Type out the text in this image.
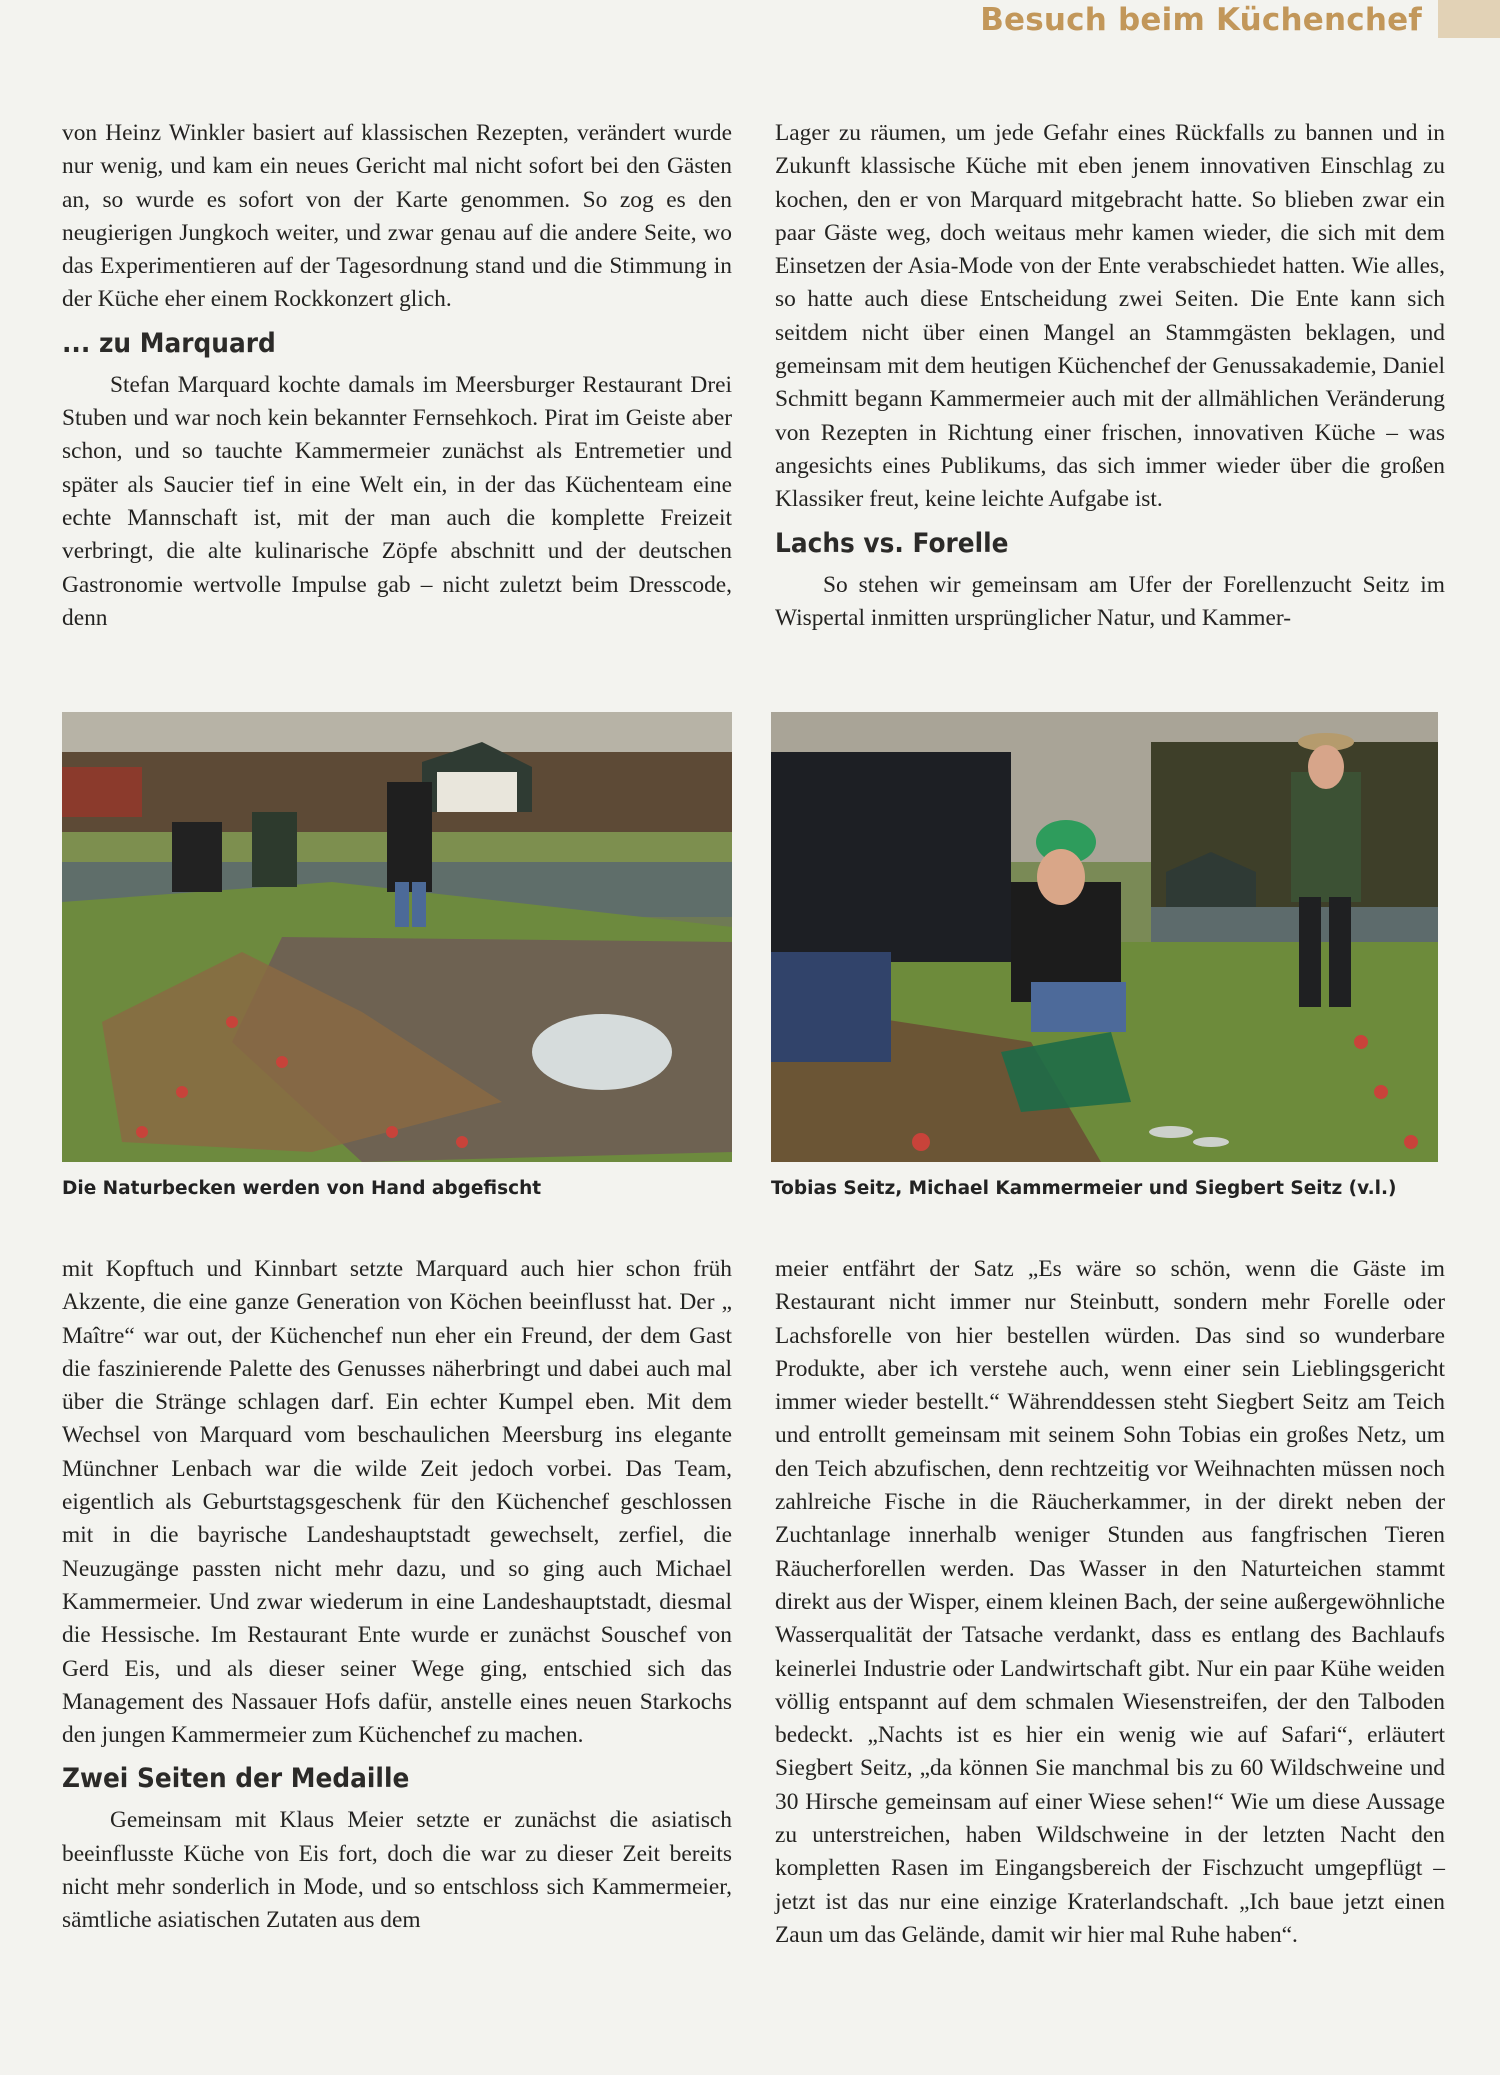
Besuch beim Küchenchef

von Heinz Winkler basiert auf klassischen Rezepten, verändert wurde nur wenig, und kam ein neues Gericht mal nicht sofort bei den Gästen an, so wurde es sofort von der Karte genommen. So zog es den neugierigen Jungkoch weiter, und zwar genau auf die andere Seite, wo das Experimentieren auf der Tagesordnung stand und die Stimmung in der Küche eher einem Rockkonzert glich.

... zu Marquard

Stefan Marquard kochte damals im Meersburger Restaurant Drei Stuben und war noch kein bekannter Fernsehkoch. Pirat im Geiste aber schon, und so tauchte Kammermeier zunächst als Entremetier und später als Saucier tief in eine Welt ein, in der das Küchenteam eine echte Mannschaft ist, mit der man auch die komplette Freizeit verbringt, die alte kulinarische Zöpfe abschnitt und der deutschen Gastronomie wertvolle Impulse gab – nicht zuletzt beim Dresscode, denn

Lager zu räumen, um jede Gefahr eines Rückfalls zu bannen und in Zukunft klassische Küche mit eben jenem innovativen Einschlag zu kochen, den er von Marquard mitgebracht hatte. So blieben zwar ein paar Gäste weg, doch weitaus mehr kamen wieder, die sich mit dem Einsetzen der Asia-Mode von der Ente verabschiedet hatten. Wie alles, so hatte auch diese Entscheidung zwei Seiten. Die Ente kann sich seitdem nicht über einen Mangel an Stammgästen beklagen, und gemeinsam mit dem heutigen Küchenchef der Genussakademie, Daniel Schmitt begann Kammermeier auch mit der allmählichen Veränderung von Rezepten in Richtung einer frischen, innovativen Küche – was angesichts eines Publikums, das sich immer wieder über die großen Klassiker freut, keine leichte Aufgabe ist.

Lachs vs. Forelle

So stehen wir gemeinsam am Ufer der Forellenzucht Seitz im Wispertal inmitten ursprünglicher Natur, und Kammer-

Die Naturbecken werden von Hand abgefischt	Tobias Seitz, Michael Kammermeier und Siegbert Seitz (v.l.)

mit Kopftuch und Kinnbart setzte Marquard auch hier schon früh Akzente, die eine ganze Generation von Köchen beeinflusst hat. Der „ Maître“ war out, der Küchenchef nun eher ein Freund, der dem Gast die faszinierende Palette des Genusses näherbringt und dabei auch mal über die Stränge schlagen darf. Ein echter Kumpel eben. Mit dem Wechsel von Marquard vom beschaulichen Meersburg ins elegante Münchner Lenbach war die wilde Zeit jedoch vorbei. Das Team, eigentlich als Geburtstagsgeschenk für den Küchenchef geschlossen mit in die bayrische Landeshauptstadt gewechselt, zerfiel, die Neuzugänge passten nicht mehr dazu, und so ging auch Michael Kammermeier. Und zwar wiederum in eine Landeshauptstadt, diesmal die Hessische. Im Restaurant Ente wurde er zunächst Souschef von Gerd Eis, und als dieser seiner Wege ging, entschied sich das Management des Nassauer Hofs dafür, anstelle eines neuen Starkochs den jungen Kammermeier zum Küchenchef zu machen.

Zwei Seiten der Medaille

Gemeinsam mit Klaus Meier setzte er zunächst die asiatisch beeinflusste Küche von Eis fort, doch die war zu dieser Zeit bereits nicht mehr sonderlich in Mode, und so entschloss sich Kammermeier, sämtliche asiatischen Zutaten aus dem

meier entfährt der Satz „Es wäre so schön, wenn die Gäste im Restaurant nicht immer nur Steinbutt, sondern mehr Forelle oder Lachsforelle von hier bestellen würden. Das sind so wunderbare Produkte, aber ich verstehe auch, wenn einer sein Lieblingsgericht immer wieder bestellt.“ Währenddessen steht Siegbert Seitz am Teich und entrollt gemeinsam mit seinem Sohn Tobias ein großes Netz, um den Teich abzufischen, denn rechtzeitig vor Weihnachten müssen noch zahlreiche Fische in die Räucherkammer, in der direkt neben der Zuchtanlage innerhalb weniger Stunden aus fangfrischen Tieren Räucherforellen werden. Das Wasser in den Naturteichen stammt direkt aus der Wisper, einem kleinen Bach, der seine außergewöhnliche Wasserqualität der Tatsache verdankt, dass es entlang des Bachlaufs keinerlei Industrie oder Landwirtschaft gibt. Nur ein paar Kühe weiden völlig entspannt auf dem schmalen Wiesenstreifen, der den Talboden bedeckt. „Nachts ist es hier ein wenig wie auf Safari“, erläutert Siegbert Seitz, „da können Sie manchmal bis zu 60 Wildschweine und 30 Hirsche gemeinsam auf einer Wiese sehen!“ Wie um diese Aussage zu unterstreichen, haben Wildschweine in der letzten Nacht den kompletten Rasen im Eingangsbereich der Fischzucht umgepflügt – jetzt ist das nur eine einzige Kraterlandschaft. „Ich baue jetzt einen Zaun um das Gelände, damit wir hier mal Ruhe haben“.
